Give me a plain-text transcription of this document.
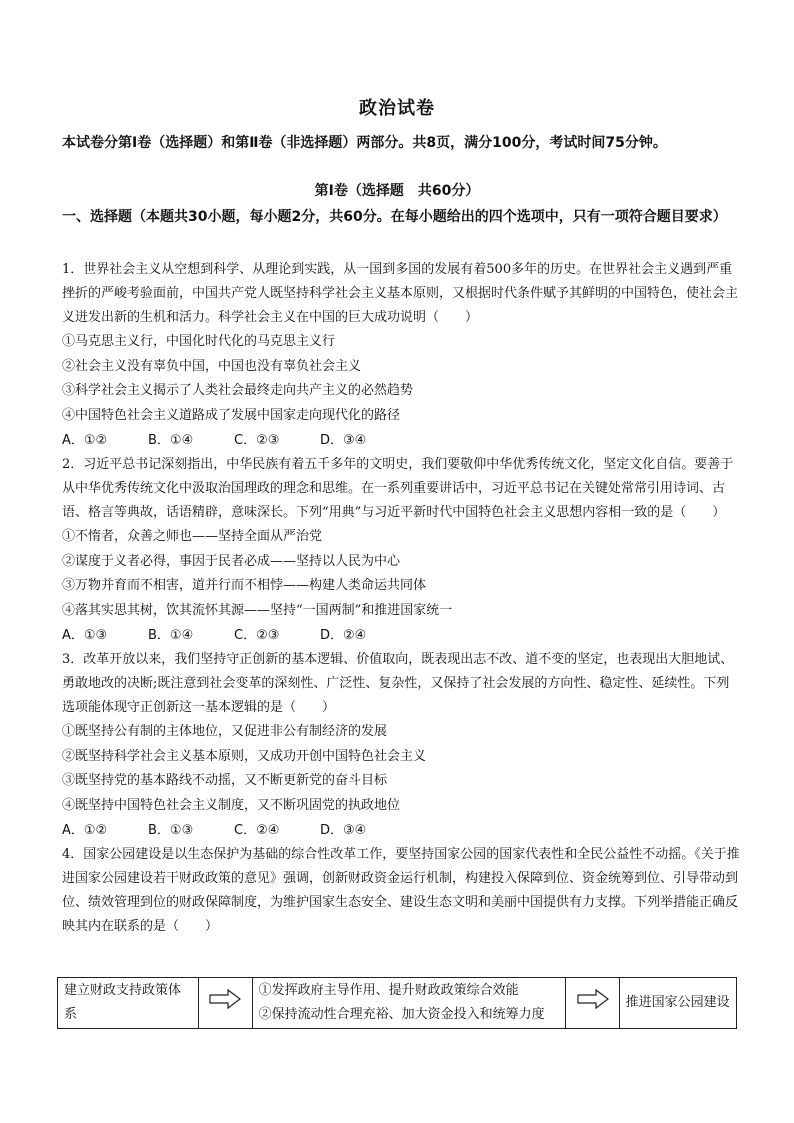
政治试卷
本试卷分第Ⅰ卷（选择题）和第Ⅱ卷（非选择题）两部分。共8页，满分100分，考试时间75分钟。
第Ⅰ卷（选择题　共60分）
一、选择题（本题共30小题，每小题2分，共60分。在每小题给出的四个选项中，只有一项符合题目要求）

1．世界社会主义从空想到科学、从理论到实践，从一国到多国的发展有着500多年的历史。在世界社会主义遇到严重挫折的严峻考验面前，中国共产党人既坚持科学社会主义基本原则，又根据时代条件赋予其鲜明的中国特色，使社会主义迸发出新的生机和活力。科学社会主义在中国的巨大成功说明（　　）

①马克思主义行，中国化时代化的马克思主义行

②社会主义没有辜负中国，中国也没有辜负社会主义

③科学社会主义揭示了人类社会最终走向共产主义的必然趋势

④中国特色社会主义道路成了发展中国家走向现代化的路径

A．①②	B．①④	C．②③	D．③④

2．习近平总书记深刻指出，中华民族有着五千多年的文明史，我们要敬仰中华优秀传统文化，坚定文化自信。要善于从中华优秀传统文化中汲取治国理政的理念和思维。在一系列重要讲话中，习近平总书记在关键处常常引用诗词、古语、格言等典故，话语精辟，意味深长。下列“用典”与习近平新时代中国特色社会主义思想内容相一致的是（　　）

①不惰者，众善之师也——坚持全面从严治党

②谋度于义者必得，事因于民者必成——坚持以人民为中心

③万物并育而不相害，道并行而不相悖——构建人类命运共同体

④落其实思其树，饮其流怀其源——坚持“一国两制”和推进国家统一

A．①③	B．①④	C．②③	D．②④

3．改革开放以来，我们坚持守正创新的基本逻辑、价值取向，既表现出志不改、道不变的坚定，也表现出大胆地试、勇敢地改的决断;既注意到社会变革的深刻性、广泛性、复杂性，又保持了社会发展的方向性、稳定性、延续性。下列选项能体现守正创新这一基本逻辑的是（　　）

①既坚持公有制的主体地位，又促进非公有制经济的发展

②既坚持科学社会主义基本原则，又成功开创中国特色社会主义

③既坚持党的基本路线不动摇，又不断更新党的奋斗目标

④既坚持中国特色社会主义制度，又不断巩固党的执政地位

A．①②	B．①③	C．②④	D．③④

4．国家公园建设是以生态保护为基础的综合性改革工作，要坚持国家公园的国家代表性和全民公益性不动摇。《关于推进国家公园建设若干财政政策的意见》强调，创新财政资金运行机制，构建投入保障到位、资金统筹到位、引导带动到位、绩效管理到位的财政保障制度，为维护国家生态安全、建设生态文明和美丽中国提供有力支撑。下列举措能正确反映其内在联系的是（　　）

建立财政支持政策体系		
①发挥政府主导作用、提升财政政策综合效能
②保持流动性合理充裕、加大资金投入和统筹力度
		推进国家公园建设
